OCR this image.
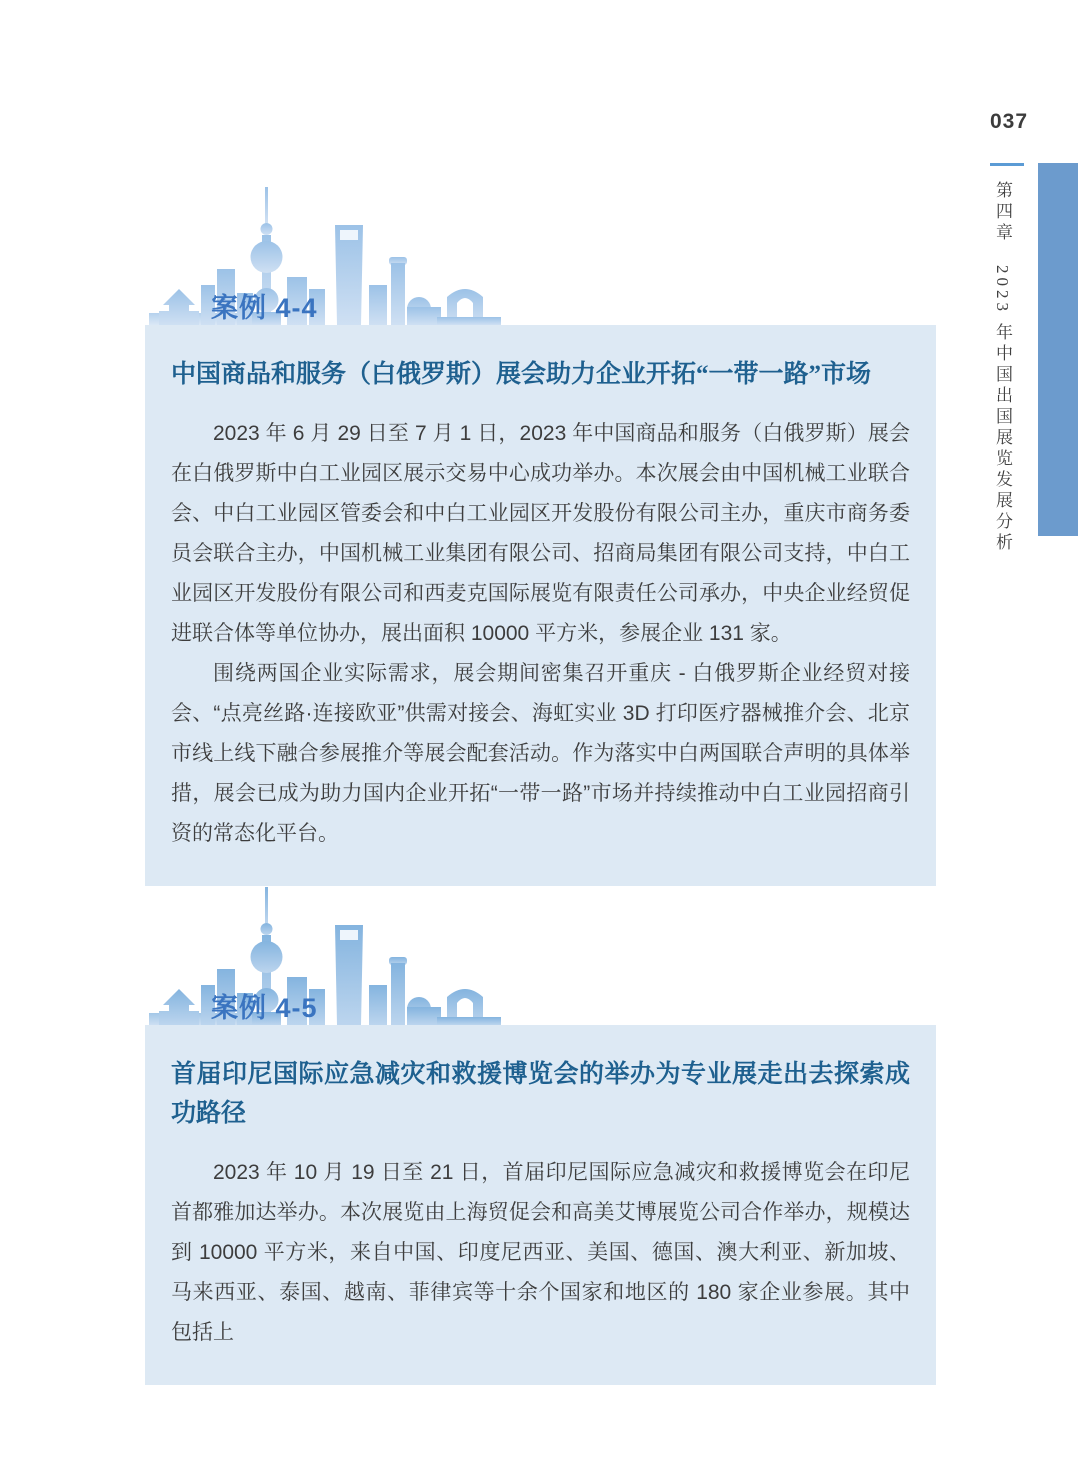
037
第四章　2023 年中国出国展览发展分析
案例 4-4
中国商品和服务（白俄罗斯）展会助力企业开拓“一带一路”市场

2023 年 6 月 29 日至 7 月 1 日，2023 年中国商品和服务（白俄罗斯）展会在白俄罗斯中白工业园区展示交易中心成功举办。本次展会由中国机械工业联合会、中白工业园区管委会和中白工业园区开发股份有限公司主办，重庆市商务委员会联合主办，中国机械工业集团有限公司、招商局集团有限公司支持，中白工业园区开发股份有限公司和西麦克国际展览有限责任公司承办，中央企业经贸促进联合体等单位协办，展出面积 10000 平方米，参展企业 131 家。

围绕两国企业实际需求，展会期间密集召开重庆 - 白俄罗斯企业经贸对接会、“点亮丝路·连接欧亚”供需对接会、海虹实业 3D 打印医疗器械推介会、北京市线上线下融合参展推介等展会配套活动。作为落实中白两国联合声明的具体举措，展会已成为助力国内企业开拓“一带一路”市场并持续推动中白工业园招商引资的常态化平台。

案例 4-5
首届印尼国际应急减灾和救援博览会的举办为专业展走出去探索成功路径

2023 年 10 月 19 日至 21 日，首届印尼国际应急减灾和救援博览会在印尼首都雅加达举办。本次展览由上海贸促会和高美艾博展览公司合作举办，规模达到 10000 平方米，来自中国、印度尼西亚、美国、德国、澳大利亚、新加坡、马来西亚、泰国、越南、菲律宾等十余个国家和地区的 180 家企业参展。其中包括上
